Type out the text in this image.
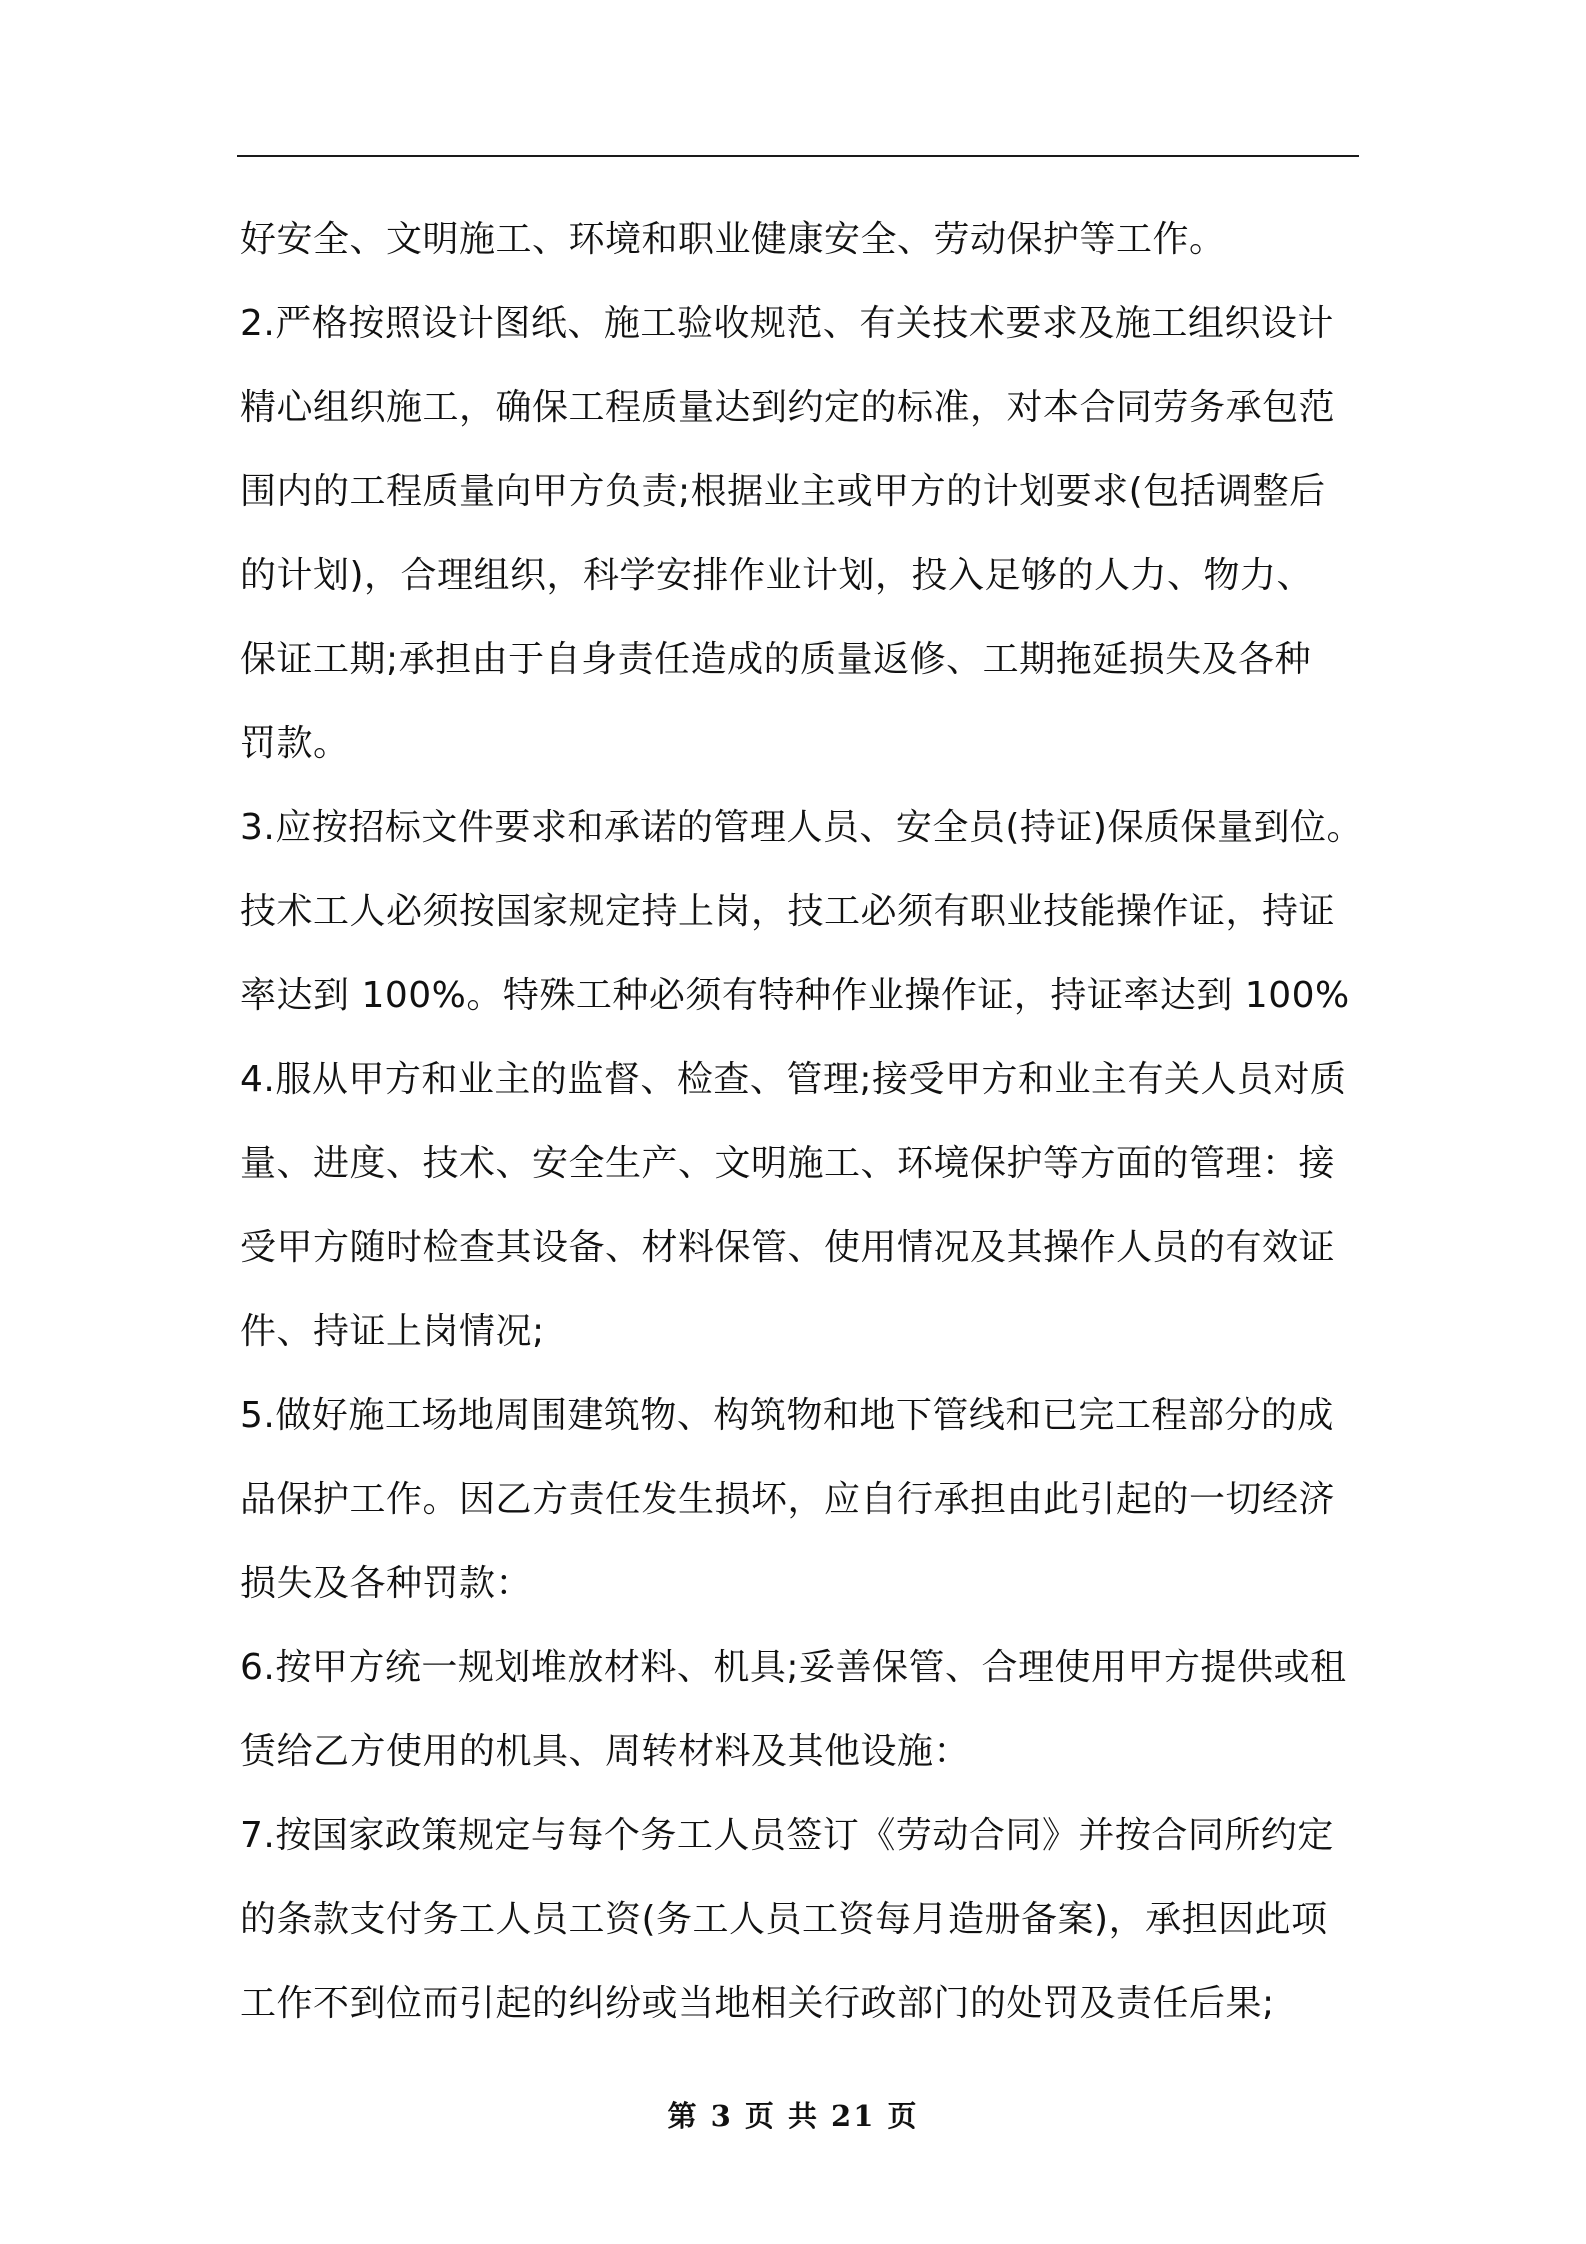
好安全、文明施工、环境和职业健康安全、劳动保护等工作。
2.严格按照设计图纸、施工验收规范、有关技术要求及施工组织设计
精心组织施工，确保工程质量达到约定的标准，对本合同劳务承包范
围内的工程质量向甲方负责;根据业主或甲方的计划要求(包括调整后
的计划)，合理组织，科学安排作业计划，投入足够的人力、物力、
保证工期;承担由于自身责任造成的质量返修、工期拖延损失及各种
罚款。
3.应按招标文件要求和承诺的管理人员、安全员(持证)保质保量到位。
技术工人必须按国家规定持上岗，技工必须有职业技能操作证，持证
率达到 100%。特殊工种必须有特种作业操作证，持证率达到 100%
4.服从甲方和业主的监督、检查、管理;接受甲方和业主有关人员对质
量、进度、技术、安全生产、文明施工、环境保护等方面的管理：接
受甲方随时检查其设备、材料保管、使用情况及其操作人员的有效证
件、持证上岗情况;
5.做好施工场地周围建筑物、构筑物和地下管线和已完工程部分的成
品保护工作。因乙方责任发生损坏，应自行承担由此引起的一切经济
损失及各种罚款：
6.按甲方统一规划堆放材料、机具;妥善保管、合理使用甲方提供或租
赁给乙方使用的机具、周转材料及其他设施：
7.按国家政策规定与每个务工人员签订《劳动合同》并按合同所约定
的条款支付务工人员工资(务工人员工资每月造册备案)，承担因此项
工作不到位而引起的纠纷或当地相关行政部门的处罚及责任后果;
第 3 页 共 21 页
